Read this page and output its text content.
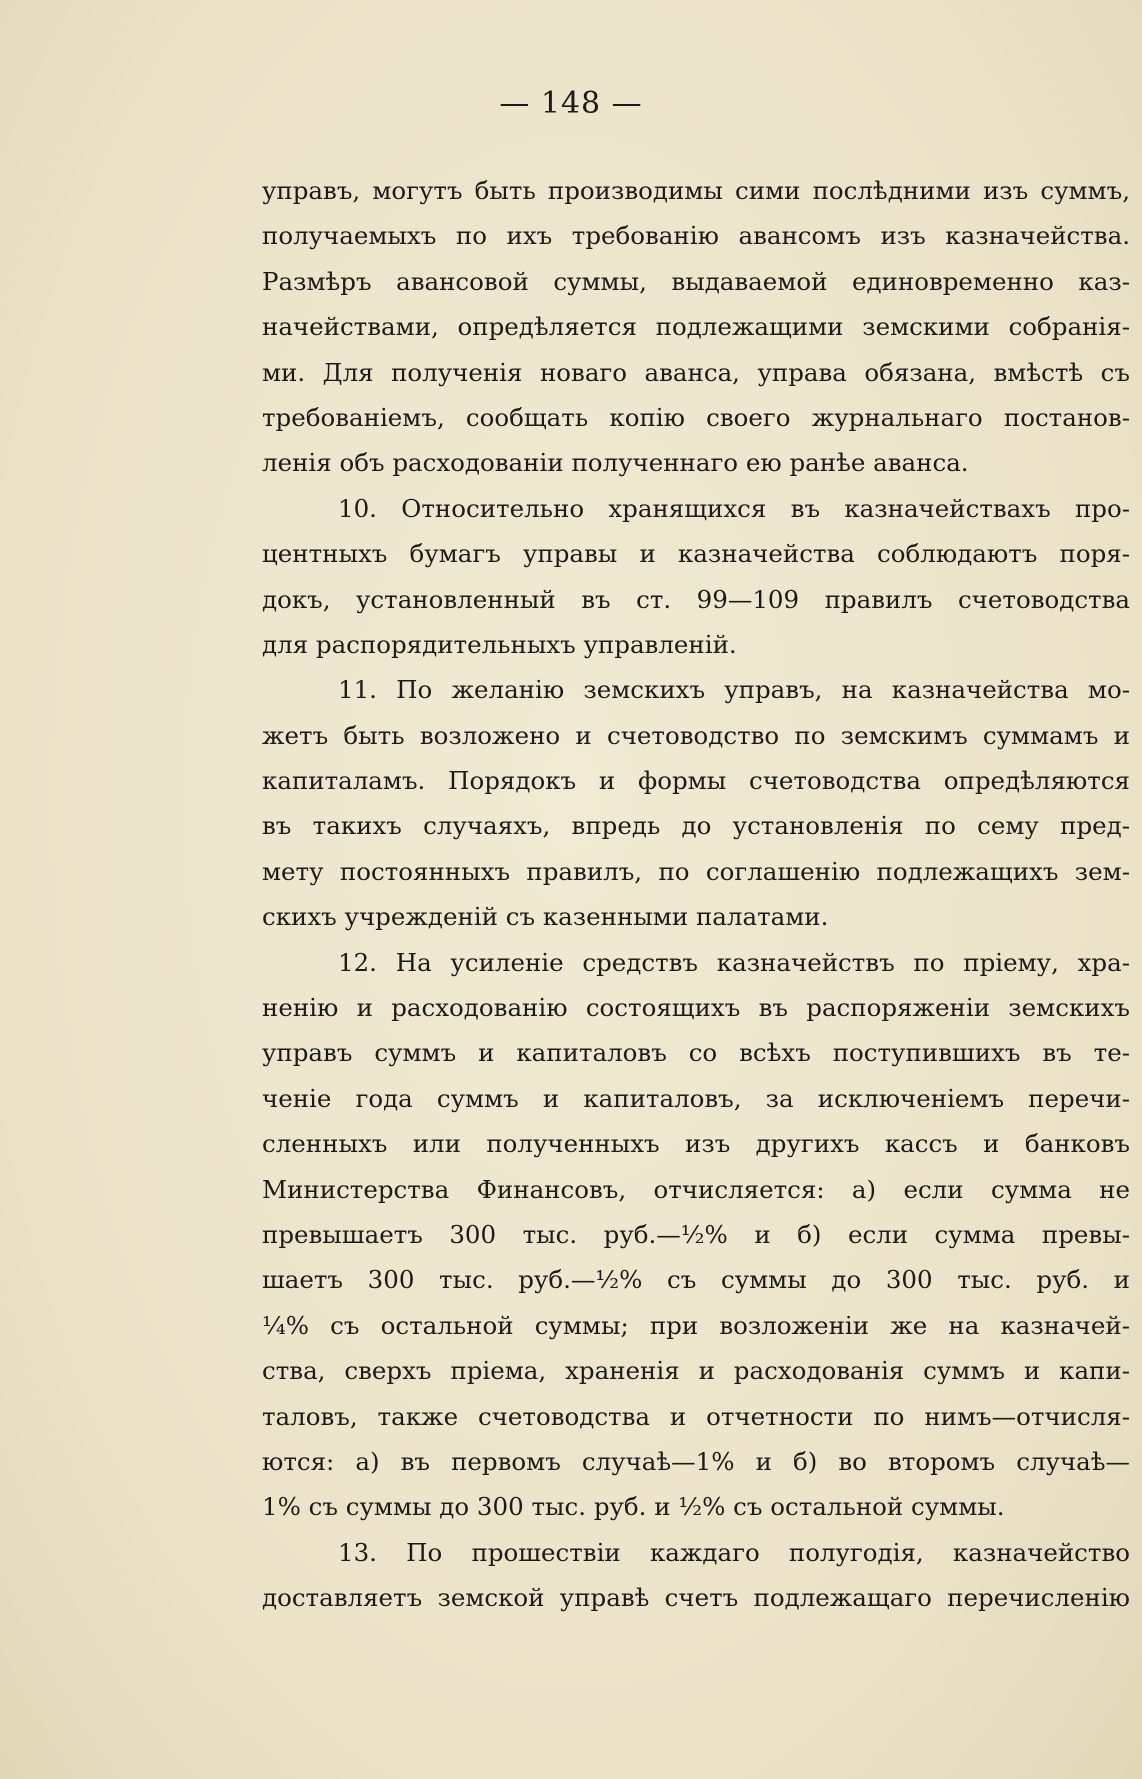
— 148 —
управъ, могутъ быть производимы сими послѣдними изъ суммъ,
получаемыхъ по ихъ требованію авансомъ изъ казначейства.
Размѣръ авансовой суммы, выдаваемой единовременно каз-
начействами, опредѣляется подлежащими земскими собранія-
ми. Для полученія новаго аванса, управа обязана, вмѣстѣ съ
требованіемъ, сообщать копію своего журнальнаго постанов-
ленія объ расходованіи полученнаго ею ранѣе аванса.
10. Относительно хранящихся въ казначействахъ про-
центныхъ бумагъ управы и казначейства соблюдаютъ поря-
докъ, установленный въ ст. 99—109 правилъ счетоводства
для распорядительныхъ управленій.
11. По желанію земскихъ управъ, на казначейства мо-
жетъ быть возложено и счетоводство по земскимъ суммамъ и
капиталамъ. Порядокъ и формы счетоводства опредѣляются
въ такихъ случаяхъ, впредь до установленія по сему пред-
мету постоянныхъ правилъ, по соглашенію подлежащихъ зем-
скихъ учрежденій съ казенными палатами.
12. На усиленіе средствъ казначействъ по пріему, хра-
ненію и расходованію состоящихъ въ распоряженіи земскихъ
управъ суммъ и капиталовъ со всѣхъ поступившихъ въ те-
ченіе года суммъ и капиталовъ, за исключеніемъ перечи-
сленныхъ или полученныхъ изъ другихъ кассъ и банковъ
Министерства Финансовъ, отчисляется: а) если сумма не
превышаетъ 300 тыс. руб.—½% и б) если сумма превы-
шаетъ 300 тыс. руб.—½% съ суммы до 300 тыс. руб. и
¼% съ остальной суммы; при возложеніи же на казначей-
ства, сверхъ пріема, храненія и расходованія суммъ и капи-
таловъ, также счетоводства и отчетности по нимъ—отчисля-
ются: а) въ первомъ случаѣ—1% и б) во второмъ случаѣ—
1% съ суммы до 300 тыс. руб. и ½% съ остальной суммы.
13. По прошествіи каждаго полугодія, казначейство
доставляетъ земской управѣ счетъ подлежащаго перечисленію
